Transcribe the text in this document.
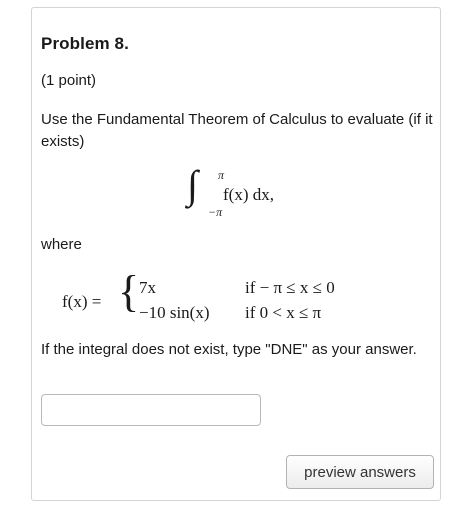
Problem 8.
(1 point)
Use the Fundamental Theorem of Calculus to evaluate (if it exists)
∫ π
−π
f(x) dx,
where
f(x) = { 7x	if − π ≤ x ≤ 0
−10 sin(x) if 0 < x ≤ π
If the integral does not exist, type "DNE" as your answer.
preview answers
